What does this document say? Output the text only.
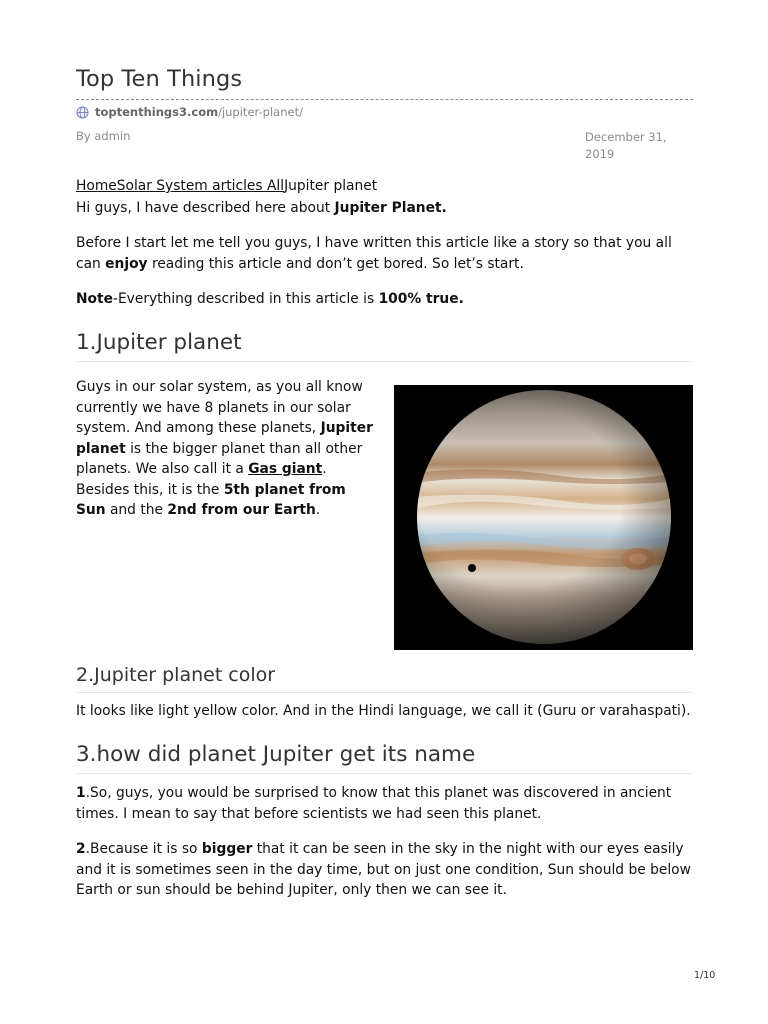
Top Ten Things
toptenthings3.com /jupiter-planet/
By admin	December 31,
2019
HomeSolar System articles AllJupiter planet

Hi guys, I have described here about Jupiter Planet.

Before I start let me tell you guys, I have written this article like a story so that you all can enjoy reading this article and don’t get bored. So let’s start.

Note-Everything described in this article is 100% true.

1.Jupiter planet

Guys in our solar system, as you all know currently we have 8 planets in our solar system. And among these planets, Jupiter planet is the bigger planet than all other planets. We also call it a Gas giant. Besides this, it is the 5th planet from Sun and the 2nd from our Earth.

2.Jupiter planet color

It looks like light yellow color. And in the Hindi language, we call it (Guru or varahaspati).

3.how did planet Jupiter get its name

1.So, guys, you would be surprised to know that this planet was discovered in ancient times. I mean to say that before scientists we had seen this planet.

2.Because it is so bigger that it can be seen in the sky in the night with our eyes easily and it is sometimes seen in the day time, but on just one condition, Sun should be below Earth or sun should be behind Jupiter, only then we can see it.

1/10
